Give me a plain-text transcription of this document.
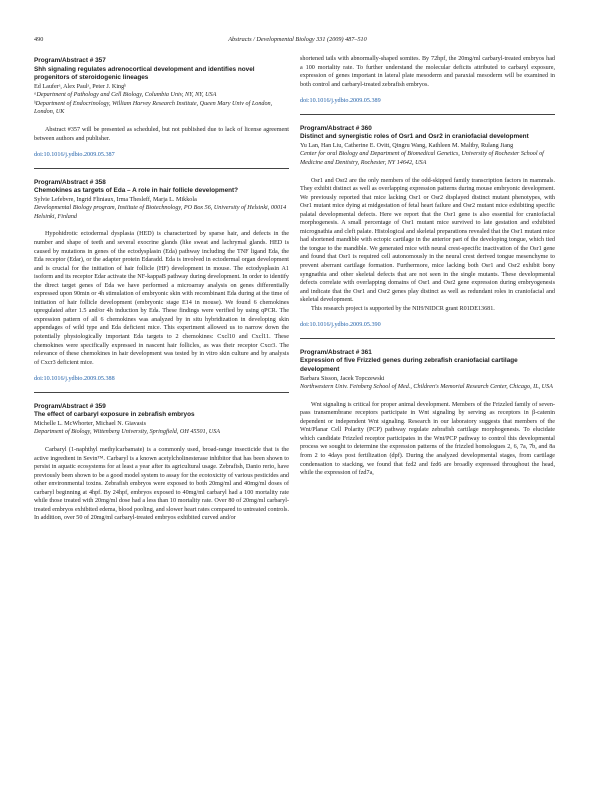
490	Abstracts / Developmental Biology 331 (2009) 487–510
Program/Abstract # 357
Shh signaling regulates adrenocortical development and identifies novel progenitors of steroidogenic lineages
Ed Lauferᵃ, Alex Paulᵃ, Peter J. Kingᵇ
ᵃDepartment of Pathology and Cell Biology, Columbia Univ, NY, NY, USA
ᵇDepartment of Endocrinology, William Harvey Research Institute, Queen Mary Univ of London, London, UK

Abstract #357 will be presented as scheduled, but not published due to lack of license agreement between authors and publisher.

doi:10.1016/j.ydbio.2009.05.387
Program/Abstract # 358
Chemokines as targets of Eda – A role in hair follicle development?
Sylvie Lefebvre, Ingrid Fliniaux, Irma Thesleff, Marja L. Mikkola
Developmental Biology program, Institute of Biotechnology, PO Box 56, University of Helsinki, 00014 Helsinki, Finland

Hypohidrotic ectodermal dysplasia (HED) is characterized by sparse hair, and defects in the number and shape of teeth and several exocrine glands (like sweat and lachrymal glands. HED is caused by mutations in genes of the ectodysplasin (Eda) pathway including the TNF ligand Eda, the Eda receptor (Edar), or the adapter protein Edaradd. Eda is involved in ectodermal organ development and is crucial for the initiation of hair follicle (HF) development in mouse. The ectodysplasin A1 isoform and its receptor Edar activate the NF-kappaB pathway during development. In order to identify the direct target genes of Eda we have performed a microarray analysis on genes differentially expressed upon 90min or 4h stimulation of embryonic skin with recombinant Eda during at the time of initiation of hair follicle development (embryonic stage E14 in mouse). We found 6 chemokines upregulated after 1.5 and/or 4h induction by Eda. These findings were verified by using qPCR. The expression pattern of all 6 chemokines was analyzed by in situ hybridization in developing skin appendages of wild type and Eda deficient mice. This experiment allowed us to narrow down the potentially physiologically important Eda targets to 2 chemokines: Cxcl10 and Cxcl11. These chemokines were specifically expressed in nascent hair follicles, as was their receptor Cxcr3. The relevance of these chemokines in hair development was tested by in vitro skin culture and by analysis of Cxcr3 deficient mice.

doi:10.1016/j.ydbio.2009.05.388
Program/Abstract # 359
The effect of carbaryl exposure in zebrafish embryos
Michelle L. McWhorter, Michael N. Giavasis
Department of Biology, Wittenberg University, Springfield, OH 45501, USA

Carbaryl (1-naphthyl methylcarbamate) is a commonly used, broad-range insecticide that is the active ingredient in Sevin™. Carbaryl is a known acetylcholinesterase inhibitor that has been shown to persist in aquatic ecosystems for at least a year after its agricultural usage. Zebrafish, Danio rerio, have previously been shown to be a good model system to assay for the ecotoxicity of various pesticides and other environmental toxins. Zebrafish embryos were exposed to both 20mg/ml and 40mg/ml doses of carbaryl beginning at 4hpf. By 24hpf, embryos exposed to 40mg/ml carbaryl had a 100 mortality rate while those treated with 20mg/ml dose had a less than 10 mortality rate. Over 80 of 20mg/ml carbaryl-treated embryos exhibited edema, blood pooling, and slower heart rates compared to untreated controls. In addition, over 50 of 20mg/ml carbaryl-treated embryos exhibited curved and/or

shortened tails with abnormally-shaped somites. By 72hpf, the 20mg/ml carbaryl-treated embryos had a 100 mortality rate. To further understand the molecular deficits attributed to carbaryl exposure, expression of genes important in lateral plate mesoderm and paraxial mesoderm will be examined in both control and carbaryl-treated zebrafish embryos.

doi:10.1016/j.ydbio.2009.05.389
Program/Abstract # 360
Distinct and synergistic roles of Osr1 and Osr2 in craniofacial development
Yu Lan, Han Liu, Catherine E. Ovitt, Qingru Wang, Kathleen M. Maltby, Rulang Jiang
Center for oral Biology and Department of Biomedical Genetics, University of Rochester School of Medicine and Dentistry, Rochester, NY 14642, USA

Osr1 and Osr2 are the only members of the odd-skipped family transcription factors in mammals. They exhibit distinct as well as overlapping expression patterns during mouse embryonic development. We previously reported that mice lacking Osr1 or Osr2 displayed distinct mutant phenotypes, with Osr1 mutant mice dying at midgestation of fetal heart failure and Osr2 mutant mice exhibiting specific palatal developmental defects. Here we report that the Osr1 gene is also essential for craniofacial morphogenesis. A small percentage of Osr1 mutant mice survived to late gestation and exhibited micrognathia and cleft palate. Histological and skeletal preparations revealed that the Osr1 mutant mice had shortened mandible with ectopic cartilage in the anterior part of the developing tongue, which tied the tongue to the mandible. We generated mice with neural crest-specific inactivation of the Osr1 gene and found that Osr1 is required cell autonomously in the neural crest derived tongue mesenchyme to prevent aberrant cartilage formation. Furthermore, mice lacking both Osr1 and Osr2 exhibit bony syngnathia and other skeletal defects that are not seen in the single mutants. These developmental defects correlate with overlapping domains of Osr1 and Osr2 gene expression during embryogenesis and indicate that the Osr1 and Osr2 genes play distinct as well as redundant roles in craniofacial and skeletal development.

This research project is supported by the NIH/NIDCR grant R01DE13681.

doi:10.1016/j.ydbio.2009.05.390
Program/Abstract # 361
Expression of five Frizzled genes during zebrafish craniofacial cartilage development
Barbara Sisson, Jacek Topczewski
Northwestern Univ. Feinberg School of Med., Children's Memorial Research Center, Chicago, IL, USA

Wnt signaling is critical for proper animal development. Members of the Frizzled family of seven-pass transmembrane receptors participate in Wnt signaling by serving as receptors in β-catenin dependent or independent Wnt signaling. Research in our laboratory suggests that members of the Wnt/Planar Cell Polarity (PCP) pathway regulate zebrafish cartilage morphogenesis. To elucidate which candidate Frizzled receptor participates in the Wnt/PCP pathway to control this developmental process we sought to determine the expression patterns of the frizzled homologues 2, 6, 7a, 7b, and 8a from 2 to 4days post fertilization (dpf). During the analyzed developmental stages, from cartilage condensation to stacking, we found that fzd2 and fzd6 are broadly expressed throughout the head, while the expression of fzd7a,
